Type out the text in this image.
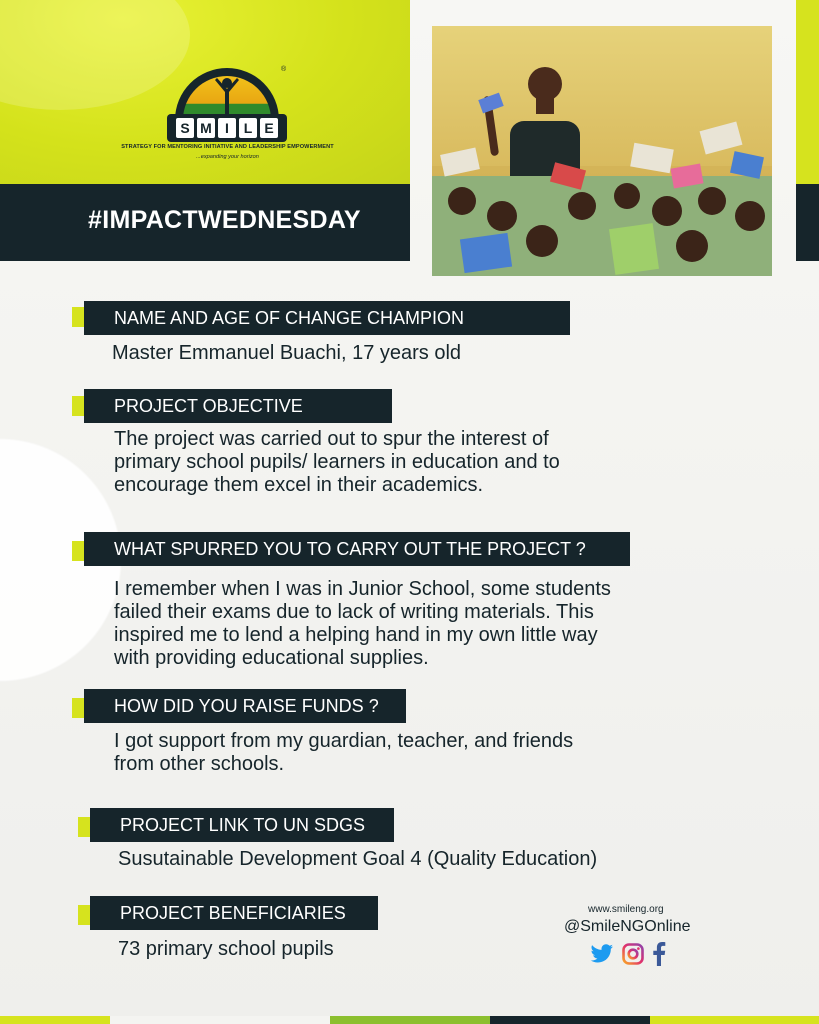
®
S M I	L E
STRATEGY FOR MENTORING INITIATIVE AND LEADERSHIP EMPOWERMENT
...expanding your horizon
#IMPACTWEDNESDAY
NAME AND AGE OF CHANGE CHAMPION
Master Emmanuel Buachi, 17 years old
PROJECT OBJECTIVE
The project was carried out to spur the interest of
primary school pupils/ learners in education and to
encourage them excel in their academics.
WHAT SPURRED YOU TO CARRY OUT THE PROJECT ?
I remember when I was in Junior School, some students
failed their exams due to lack of writing materials. This
inspired me to lend a helping hand in my own little way
with providing educational supplies.
HOW DID YOU RAISE FUNDS ?
I got support from my guardian, teacher, and friends
from other schools.
PROJECT LINK TO UN SDGS
Susutainable Development Goal 4 (Quality Education)
PROJECT BENEFICIARIES
73 primary school pupils
www.smileng.org
@SmileNGOnline
